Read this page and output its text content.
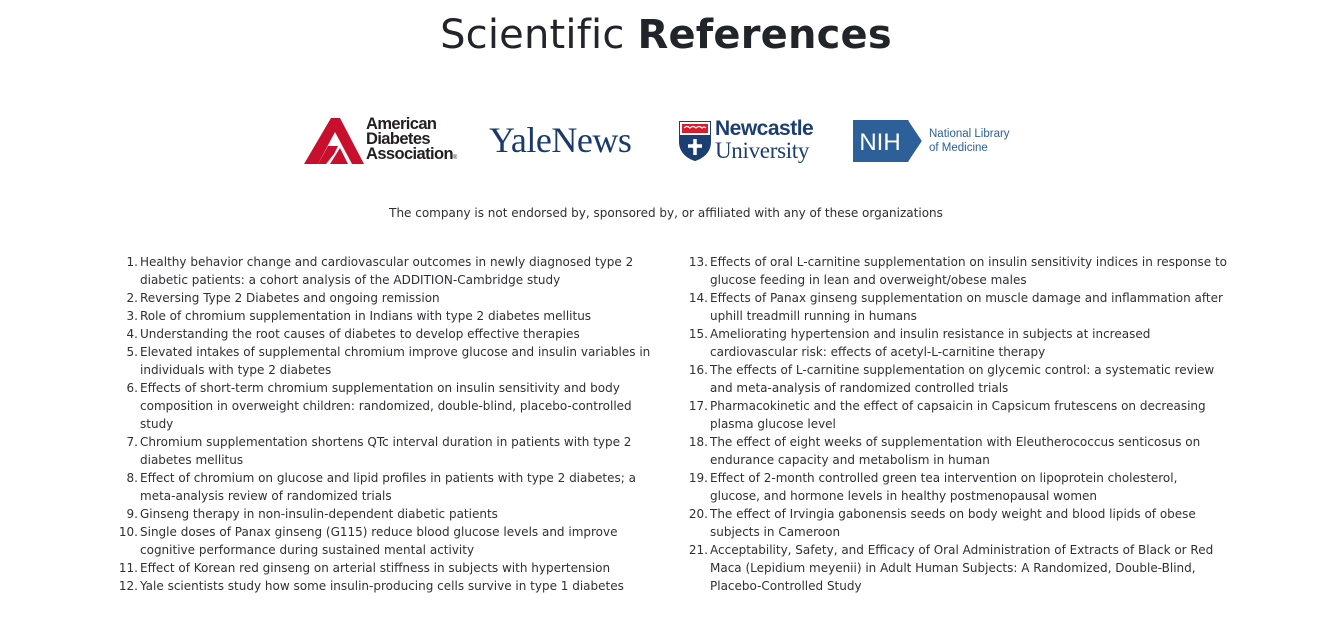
Scientific References
American
Diabetes
Association® YaleNews	Newcastle
University NIH National Library
of Medicine

The company is not endorsed by, sponsored by, or affiliated with any of these organizations

1. Healthy behavior change and cardiovascular outcomes in newly diagnosed type 2 diabetic patients: a cohort analysis of the ADDITION-Cambridge study
2. Reversing Type 2 Diabetes and ongoing remission
3. Role of chromium supplementation in Indians with type 2 diabetes mellitus
4. Understanding the root causes of diabetes to develop effective therapies
5. Elevated intakes of supplemental chromium improve glucose and insulin variables in individuals with type 2 diabetes
6. Effects of short-term chromium supplementation on insulin sensitivity and body composition in overweight children: randomized, double-blind, placebo-controlled study
7. Chromium supplementation shortens QTc interval duration in patients with type 2 diabetes mellitus
8. Effect of chromium on glucose and lipid profiles in patients with type 2 diabetes; a meta-analysis review of randomized trials
9. Ginseng therapy in non-insulin-dependent diabetic patients
10. Single doses of Panax ginseng (G115) reduce blood glucose levels and improve cognitive performance during sustained mental activity
11. Effect of Korean red ginseng on arterial stiffness in subjects with hypertension
12. Yale scientists study how some insulin-producing cells survive in type 1 diabetes
13. Effects of oral L-carnitine supplementation on insulin sensitivity indices in response to glucose feeding in lean and overweight/obese males
14. Effects of Panax ginseng supplementation on muscle damage and inflammation after uphill treadmill running in humans
15. Ameliorating hypertension and insulin resistance in subjects at increased cardiovascular risk: effects of acetyl-L-carnitine therapy
16. The effects of L-carnitine supplementation on glycemic control: a systematic review and meta-analysis of randomized controlled trials
17. Pharmacokinetic and the effect of capsaicin in Capsicum frutescens on decreasing plasma glucose level
18. The effect of eight weeks of supplementation with Eleutherococcus senticosus on endurance capacity and metabolism in human
19. Effect of 2-month controlled green tea intervention on lipoprotein cholesterol, glucose, and hormone levels in healthy postmenopausal women
20. The effect of Irvingia gabonensis seeds on body weight and blood lipids of obese subjects in Cameroon
21. Acceptability, Safety, and Efficacy of Oral Administration of Extracts of Black or Red Maca (Lepidium meyenii) in Adult Human Subjects: A Randomized, Double-Blind, Placebo-Controlled Study
